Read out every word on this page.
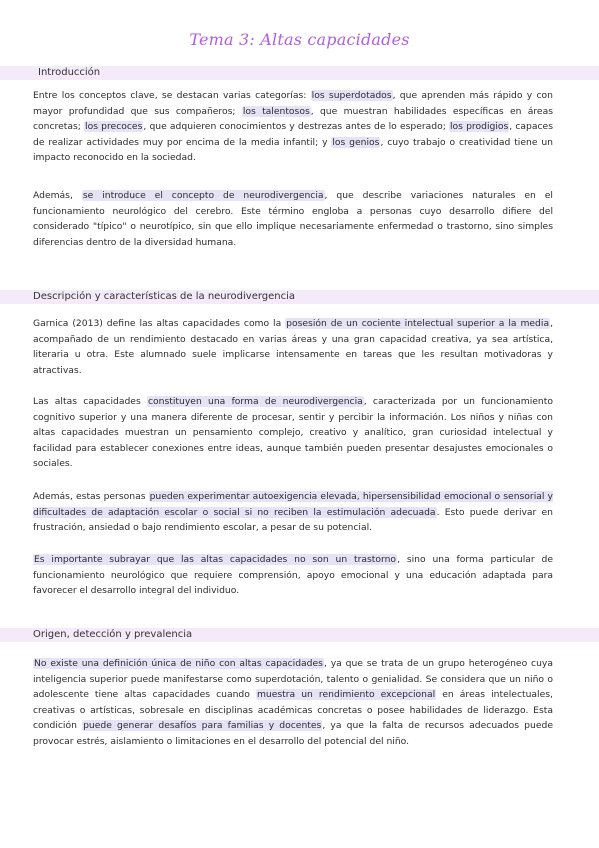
Tema 3: Altas capacidades
Introducción

Entre los conceptos clave, se destacan varias categorías: los superdotados, que aprenden más rápido y con mayor profundidad que sus compañeros; los talentosos, que muestran habilidades específicas en áreas concretas; los precoces, que adquieren conocimientos y destrezas antes de lo esperado; los prodigios, capaces de realizar actividades muy por encima de la media infantil; y los genios, cuyo trabajo o creatividad tiene un impacto reconocido en la sociedad.

Además, se introduce el concepto de neurodivergencia, que describe variaciones naturales en el funcionamiento neurológico del cerebro. Este término engloba a personas cuyo desarrollo difiere del considerado "típico" o neurotípico, sin que ello implique necesariamente enfermedad o trastorno, sino simples diferencias dentro de la diversidad humana.

Descripción y características de la neurodivergencia

Garnica (2013) define las altas capacidades como la posesión de un cociente intelectual superior a la media, acompañado de un rendimiento destacado en varias áreas y una gran capacidad creativa, ya sea artística, literaria u otra. Este alumnado suele implicarse intensamente en tareas que les resultan motivadoras y atractivas.

Las altas capacidades constituyen una forma de neurodivergencia, caracterizada por un funcionamiento cognitivo superior y una manera diferente de procesar, sentir y percibir la información. Los niños y niñas con altas capacidades muestran un pensamiento complejo, creativo y analítico, gran curiosidad intelectual y facilidad para establecer conexiones entre ideas, aunque también pueden presentar desajustes emocionales o sociales.

Además, estas personas pueden experimentar autoexigencia elevada, hipersensibilidad emocional o sensorial y dificultades de adaptación escolar o social si no reciben la estimulación adecuada. Esto puede derivar en frustración, ansiedad o bajo rendimiento escolar, a pesar de su potencial.

Es importante subrayar que las altas capacidades no son un trastorno, sino una forma particular de funcionamiento neurológico que requiere comprensión, apoyo emocional y una educación adaptada para favorecer el desarrollo integral del individuo.

Origen, detección y prevalencia

No existe una definición única de niño con altas capacidades, ya que se trata de un grupo heterogéneo cuya inteligencia superior puede manifestarse como superdotación, talento o genialidad. Se considera que un niño o adolescente tiene altas capacidades cuando muestra un rendimiento excepcional en áreas intelectuales, creativas o artísticas, sobresale en disciplinas académicas concretas o posee habilidades de liderazgo. Esta condición puede generar desafíos para familias y docentes, ya que la falta de recursos adecuados puede provocar estrés, aislamiento o limitaciones en el desarrollo del potencial del niño.
